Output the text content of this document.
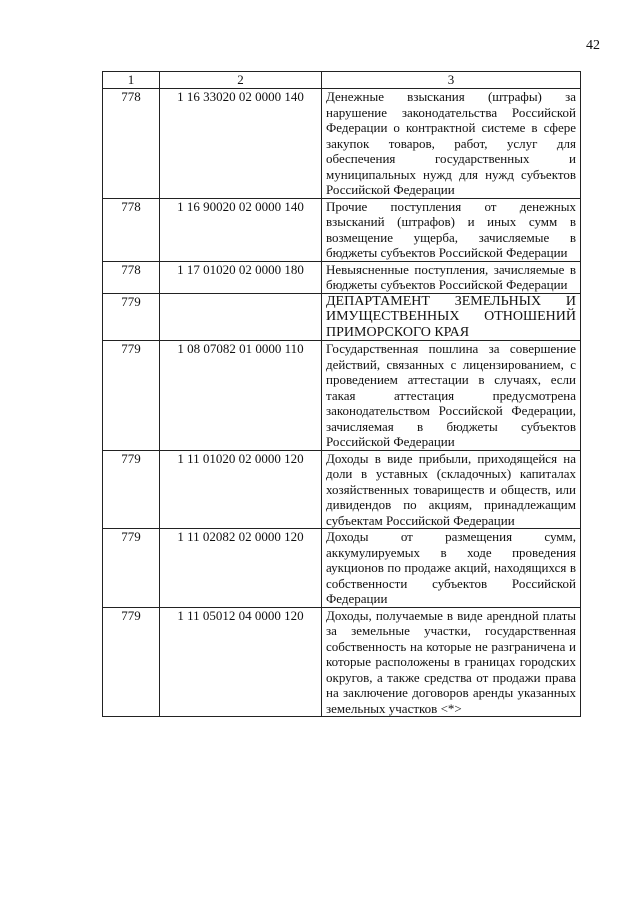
42
1	2	3
778	1 16 33020 02 0000 140	Денежные взыскания (штрафы) за нарушение законодательства Российской Федерации о контрактной системе в сфере закупок товаров, работ, услуг для обеспечения государственных и муниципальных нужд для нужд субъектов Российской Федерации
778	1 16 90020 02 0000 140	Прочие поступления от денежных взысканий (штрафов) и иных сумм в возмещение ущерба, зачисляемые в бюджеты субъектов Российской Федерации
778	1 17 01020 02 0000 180	Невыясненные поступления, зачисляемые в бюджеты субъектов Российской Федерации
779		ДЕПАРТАМЕНТ ЗЕМЕЛЬНЫХ И ИМУЩЕСТВЕННЫХ ОТНОШЕНИЙ ПРИМОРСКОГО КРАЯ
779	1 08 07082 01 0000 110	Государственная пошлина за совершение действий, связанных с лицензированием, с проведением аттестации в случаях, если такая аттестация предусмотрена законодательством Российской Федерации, зачисляемая в бюджеты субъектов Российской Федерации
779	1 11 01020 02 0000 120	Доходы в виде прибыли, приходящейся на доли в уставных (складочных) капиталах хозяйственных товариществ и обществ, или дивидендов по акциям, принадлежащим субъектам Российской Федерации
779	1 11 02082 02 0000 120	Доходы от размещения сумм, аккумулируемых в ходе проведения аукционов по продаже акций, находящихся в собственности субъектов Российской Федерации
779	1 11 05012 04 0000 120	Доходы, получаемые в виде арендной платы за земельные участки, государственная собственность на которые не разграничена и которые расположены в границах городских округов, а также средства от продажи права на заключение договоров аренды указанных земельных участков <*>
